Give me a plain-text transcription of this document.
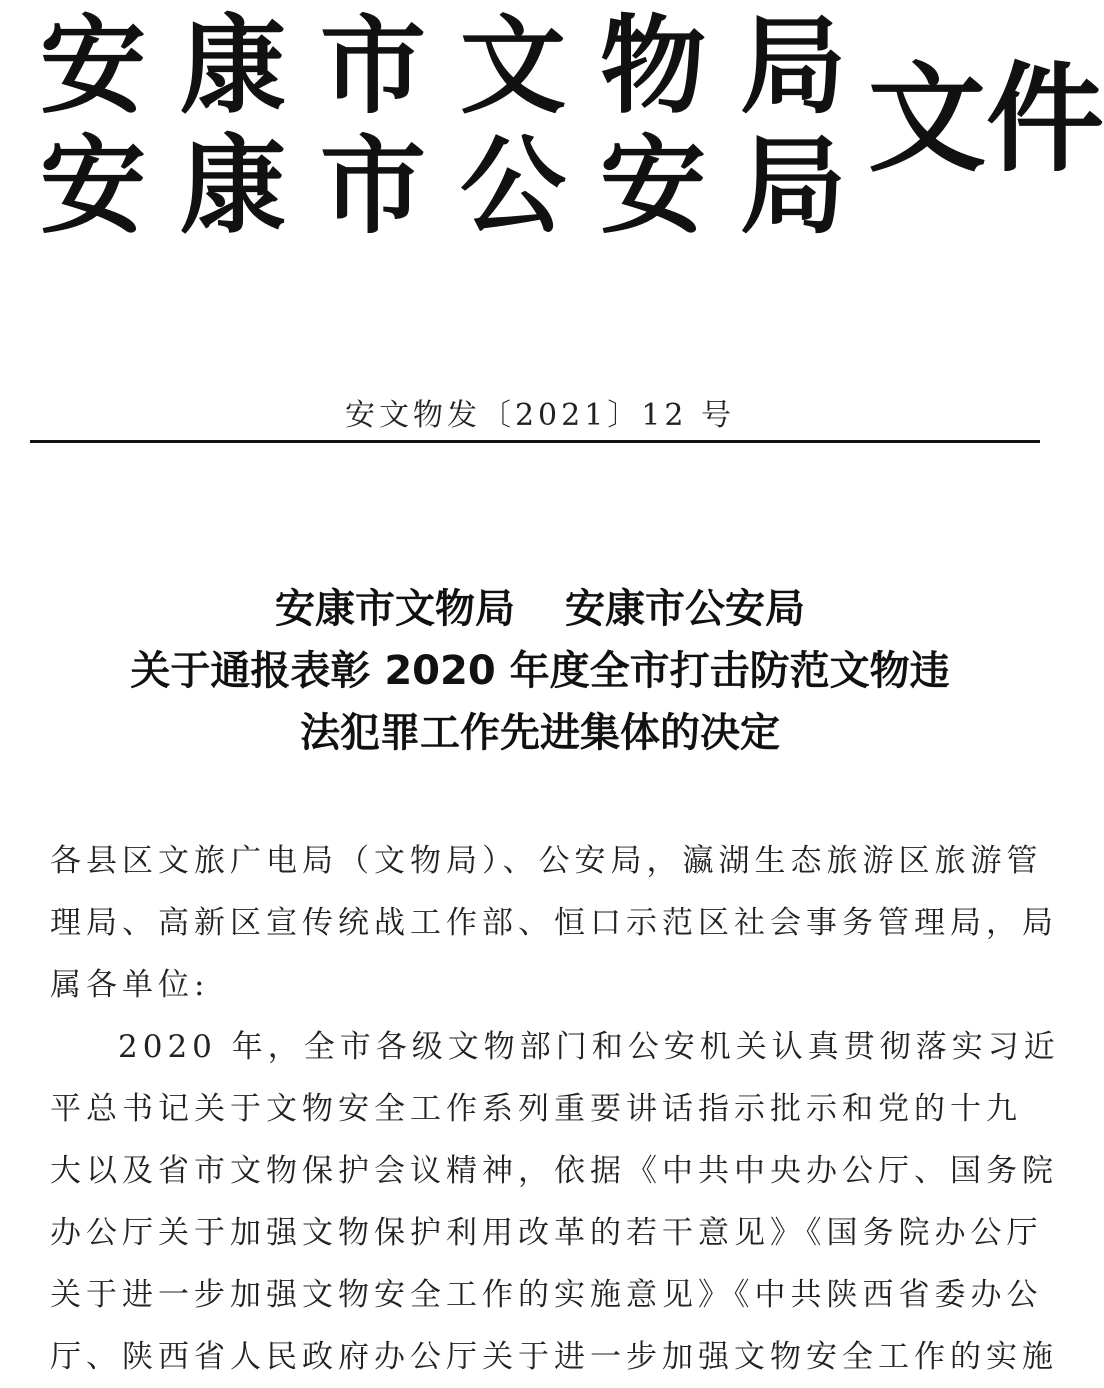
安康市文物局
安康市公安局
文件
安文物发〔2021〕12 号
安康市文物局 安康市公安局
关于通报表彰 2020 年度全市打击防范文物违
法犯罪工作先进集体的决定
各县区文旅广电局（文物局）、公安局，瀛湖生态旅游区旅游管
理局、高新区宣传统战工作部、恒口示范区社会事务管理局，局
属各单位:
2020 年，全市各级文物部门和公安机关认真贯彻落实习近
平总书记关于文物安全工作系列重要讲话指示批示和党的十九
大以及省市文物保护会议精神，依据《中共中央办公厅、国务院
办公厅关于加强文物保护利用改革的若干意见》《国务院办公厅
关于进一步加强文物安全工作的实施意见》《中共陕西省委办公
厅、陕西省人民政府办公厅关于进一步加强文物安全工作的实施
